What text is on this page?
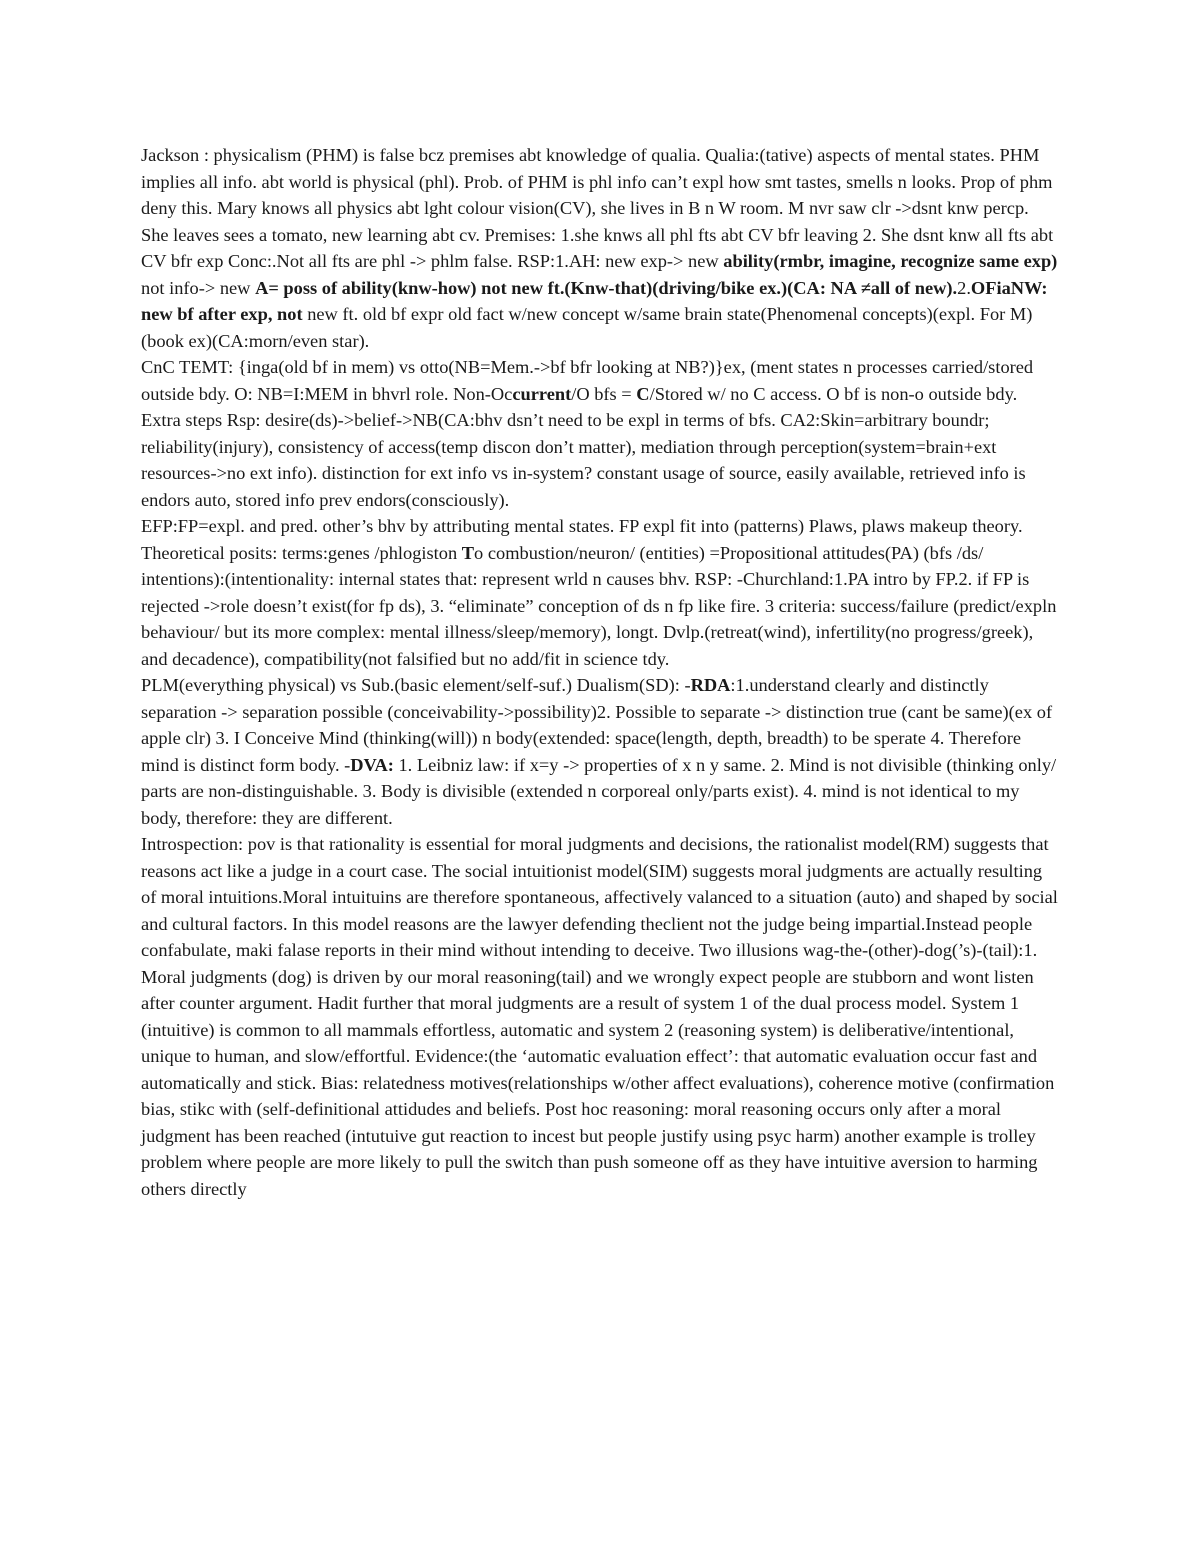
Jackson : physicalism (PHM) is false bcz premises abt knowledge of qualia. Qualia:(tative) aspects of mental states. PHM implies all info. abt world is physical (phl). Prob. of PHM is phl info can’t expl how smt tastes, smells n looks. Prop of phm deny this. Mary knows all physics abt lght colour vision(CV), she lives in B n W room. M nvr saw clr ->dsnt knw percp. She leaves sees a tomato, new learning abt cv. Premises: 1.she knws all phl fts abt CV bfr leaving 2. She dsnt knw all fts abt CV bfr exp Conc:.Not all fts are phl -> phlm false. RSP:1.AH: new exp-> new ability(rmbr, imagine, recognize same exp) not info-> new A= poss of ability(knw-how) not new ft.(Knw-that)(driving/bike ex.)(CA: NA ≠all of new).2.OFiaNW: new bf after exp, not new ft. old bf expr old fact w/new concept w/same brain state(Phenomenal concepts)(expl. For M) (book ex)(CA:morn/even star).

CnC TEMT: {inga(old bf in mem) vs otto(NB=Mem.->bf bfr looking at NB?)}ex, (ment states n processes carried/stored outside bdy. O: NB=I:MEM in bhvrl role. Non-Occurrent/O bfs = C/Stored w/ no C access. O bf is non-o outside bdy. Extra steps Rsp: desire(ds)->belief->NB(CA:bhv dsn’t need to be expl in terms of bfs. CA2:Skin=arbitrary boundr; reliability(injury), consistency of access(temp discon don’t matter), mediation through perception(system=brain+ext resources->no ext info). distinction for ext info vs in-system? constant usage of source, easily available, retrieved info is endors auto, stored info prev endors(consciously).

EFP:FP=expl. and pred. other’s bhv by attributing mental states. FP expl fit into (patterns) Plaws, plaws makeup theory. Theoretical posits: terms:genes /phlogiston To combustion/neuron/ (entities) =Propositional attitudes(PA) (bfs /ds/ intentions):(intentionality: internal states that: represent wrld n causes bhv. RSP: -Churchland:1.PA intro by FP.2. if FP is rejected ->role doesn’t exist(for fp ds), 3. “eliminate” conception of ds n fp like fire. 3 criteria: success/failure (predict/expln behaviour/ but its more complex: mental illness/sleep/memory), longt. Dvlp.(retreat(wind), infertility(no progress/greek), and decadence), compatibility(not falsified but no add/fit in science tdy.

PLM(everything physical) vs Sub.(basic element/self-suf.) Dualism(SD): -RDA:1.understand clearly and distinctly separation -> separation possible (conceivability->possibility)2. Possible to separate -> distinction true (cant be same)(ex of apple clr) 3. I Conceive Mind (thinking(will)) n body(extended: space(length, depth, breadth) to be sperate 4. Therefore mind is distinct form body. -DVA: 1. Leibniz law: if x=y -> properties of x n y same. 2. Mind is not divisible (thinking only/ parts are non-distinguishable. 3. Body is divisible (extended n corporeal only/parts exist). 4. mind is not identical to my body, therefore: they are different.

Introspection: pov is that rationality is essential for moral judgments and decisions, the rationalist model(RM) suggests that reasons act like a judge in a court case. The social intuitionist model(SIM) suggests moral judgments are actually resulting of moral intuitions.Moral intuituins are therefore spontaneous, affectively valanced to a situation (auto) and shaped by social and cultural factors. In this model reasons are the lawyer defending theclient not the judge being impartial.Instead people confabulate, maki falase reports in their mind without intending to deceive. Two illusions wag-the-(other)-dog(’s)-(tail):1. Moral judgments (dog) is driven by our moral reasoning(tail) and we wrongly expect people are stubborn and wont listen after counter argument. Hadit further that moral judgments are a result of system 1 of the dual process model. System 1 (intuitive) is common to all mammals effortless, automatic and system 2 (reasoning system) is deliberative/intentional, unique to human, and slow/effortful. Evidence:(the ‘automatic evaluation effect’: that automatic evaluation occur fast and automatically and stick. Bias: relatedness motives(relationships w/other affect evaluations), coherence motive (confirmation bias, stikc with (self-definitional attidudes and beliefs. Post hoc reasoning: moral reasoning occurs only after a moral judgment has been reached (intutuive gut reaction to incest but people justify using psyc harm) another example is trolley problem where people are more likely to pull the switch than push someone off as they have intuitive aversion to harming others directly
